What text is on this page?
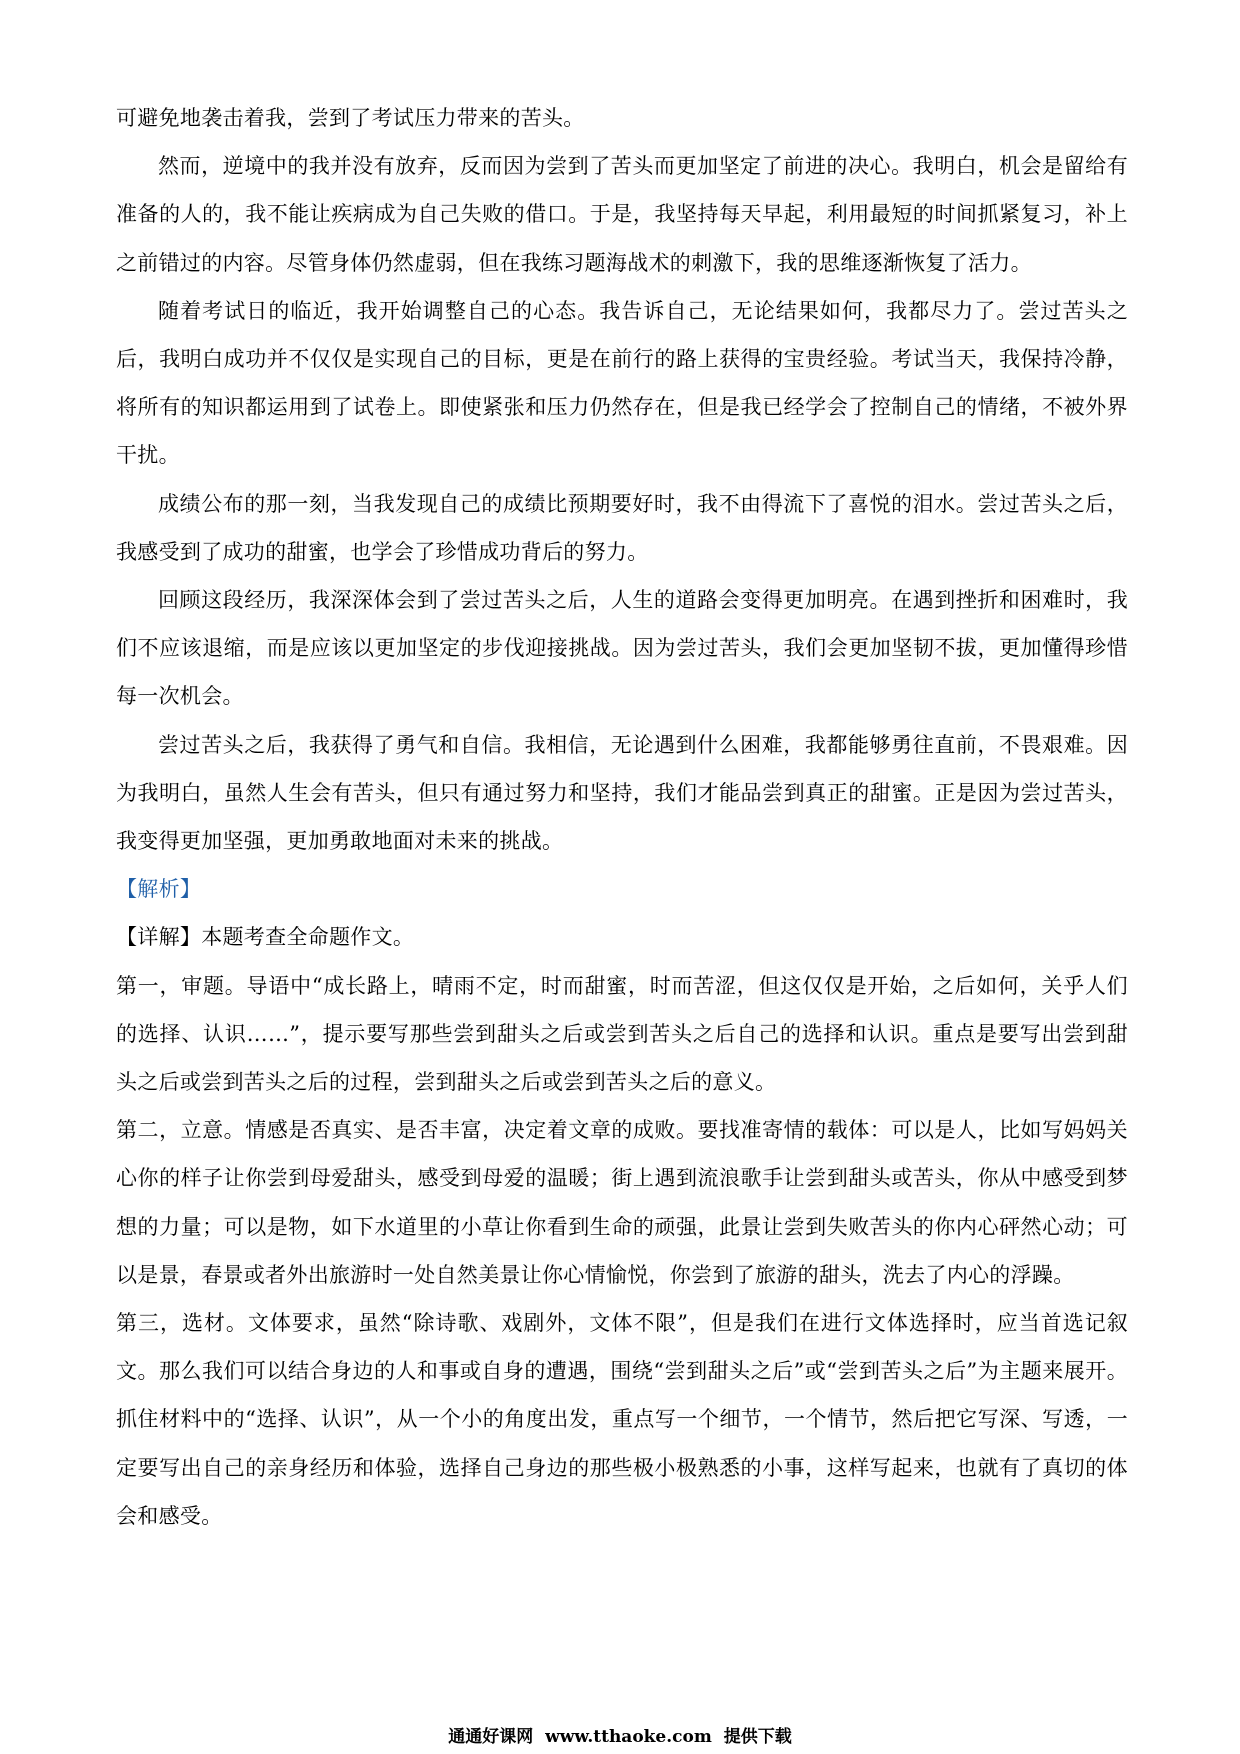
可避免地袭击着我，尝到了考试压力带来的苦头。

然而，逆境中的我并没有放弃，反而因为尝到了苦头而更加坚定了前进的决心。我明白，机会是留给有准备的人的，我不能让疾病成为自己失败的借口。于是，我坚持每天早起，利用最短的时间抓紧复习，补上之前错过的内容。尽管身体仍然虚弱，但在我练习题海战术的刺激下，我的思维逐渐恢复了活力。

随着考试日的临近，我开始调整自己的心态。我告诉自己，无论结果如何，我都尽力了。尝过苦头之后，我明白成功并不仅仅是实现自己的目标，更是在前行的路上获得的宝贵经验。考试当天，我保持冷静，将所有的知识都运用到了试卷上。即使紧张和压力仍然存在，但是我已经学会了控制自己的情绪，不被外界干扰。

成绩公布的那一刻，当我发现自己的成绩比预期要好时，我不由得流下了喜悦的泪水。尝过苦头之后，我感受到了成功的甜蜜，也学会了珍惜成功背后的努力。

回顾这段经历，我深深体会到了尝过苦头之后，人生的道路会变得更加明亮。在遇到挫折和困难时，我们不应该退缩，而是应该以更加坚定的步伐迎接挑战。因为尝过苦头，我们会更加坚韧不拔，更加懂得珍惜每一次机会。

尝过苦头之后，我获得了勇气和自信。我相信，无论遇到什么困难，我都能够勇往直前，不畏艰难。因为我明白，虽然人生会有苦头，但只有通过努力和坚持，我们才能品尝到真正的甜蜜。正是因为尝过苦头，我变得更加坚强，更加勇敢地面对未来的挑战。

【解析】

【详解】本题考查全命题作文。

第一，审题。导语中“成长路上，晴雨不定，时而甜蜜，时而苦涩，但这仅仅是开始，之后如何，关乎人们的选择、认识……”，提示要写那些尝到甜头之后或尝到苦头之后自己的选择和认识。重点是要写出尝到甜头之后或尝到苦头之后的过程，尝到甜头之后或尝到苦头之后的意义。

第二，立意。情感是否真实、是否丰富，决定着文章的成败。要找准寄情的载体：可以是人，比如写妈妈关心你的样子让你尝到母爱甜头，感受到母爱的温暖；街上遇到流浪歌手让尝到甜头或苦头，你从中感受到梦想的力量；可以是物，如下水道里的小草让你看到生命的顽强，此景让尝到失败苦头的你内心砰然心动；可以是景，春景或者外出旅游时一处自然美景让你心情愉悦，你尝到了旅游的甜头，洗去了内心的浮躁。

第三，选材。文体要求，虽然“除诗歌、戏剧外，文体不限”，但是我们在进行文体选择时，应当首选记叙文。那么我们可以结合身边的人和事或自身的遭遇，围绕“尝到甜头之后”或“尝到苦头之后”为主题来展开。抓住材料中的“选择、认识”，从一个小的角度出发，重点写一个细节，一个情节，然后把它写深、写透，一定要写出自己的亲身经历和体验，选择自己身边的那些极小极熟悉的小事，这样写起来，也就有了真切的体会和感受。

通通好课网 www.tthaoke.com 提供下载
